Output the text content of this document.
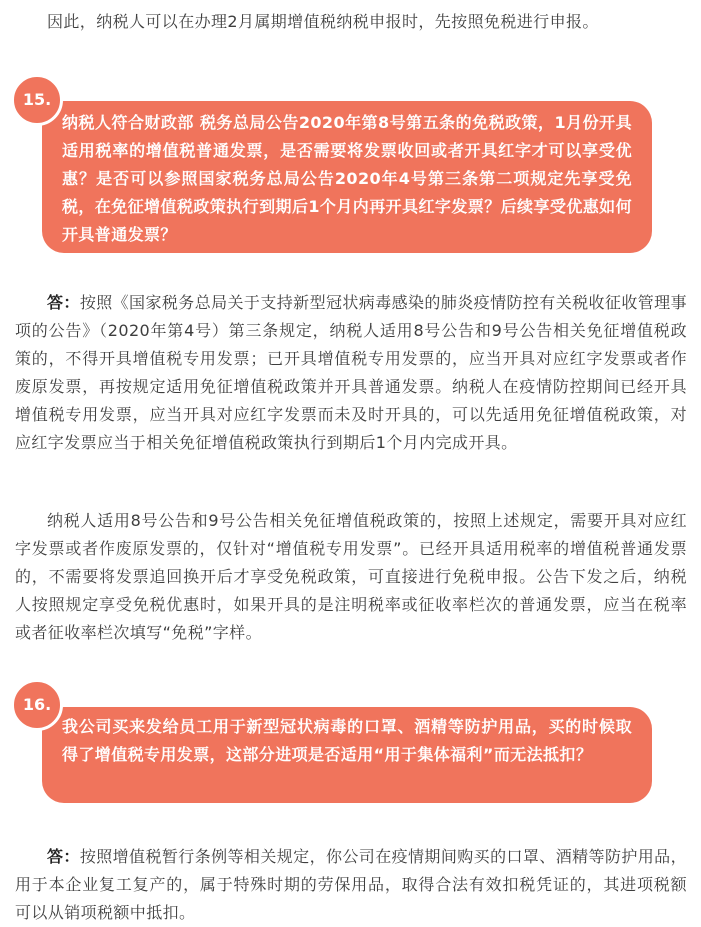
因此，纳税人可以在办理2月属期增值税纳税申报时，先按照免税进行申报。

15.
纳税人符合财政部 税务总局公告2020年第8号第五条的免税政策，1月份开具适用税率的增值税普通发票，是否需要将发票收回或者开具红字才可以享受优惠？是否可以参照国家税务总局公告2020年4号第三条第二项规定先享受免税，在免征增值税政策执行到期后1个月内再开具红字发票？后续享受优惠如何开具普通发票？

答：按照《国家税务总局关于支持新型冠状病毒感染的肺炎疫情防控有关税收征收管理事项的公告》（2020年第4号）第三条规定，纳税人适用8号公告和9号公告相关免征增值税政策的，不得开具增值税专用发票；已开具增值税专用发票的，应当开具对应红字发票或者作废原发票，再按规定适用免征增值税政策并开具普通发票。纳税人在疫情防控期间已经开具增值税专用发票，应当开具对应红字发票而未及时开具的，可以先适用免征增值税政策，对应红字发票应当于相关免征增值税政策执行到期后1个月内完成开具。

纳税人适用8号公告和9号公告相关免征增值税政策的，按照上述规定，需要开具对应红字发票或者作废原发票的，仅针对“增值税专用发票”。已经开具适用税率的增值税普通发票的，不需要将发票追回换开后才享受免税政策，可直接进行免税申报。公告下发之后，纳税人按照规定享受免税优惠时，如果开具的是注明税率或征收率栏次的普通发票，应当在税率或者征收率栏次填写“免税”字样。

16.
我公司买来发给员工用于新型冠状病毒的口罩、酒精等防护用品，买的时候取得了增值税专用发票，这部分进项是否适用“用于集体福利”而无法抵扣？

答：按照增值税暂行条例等相关规定，你公司在疫情期间购买的口罩、酒精等防护用品，用于本企业复工复产的，属于特殊时期的劳保用品，取得合法有效扣税凭证的，其进项税额可以从销项税额中抵扣。
